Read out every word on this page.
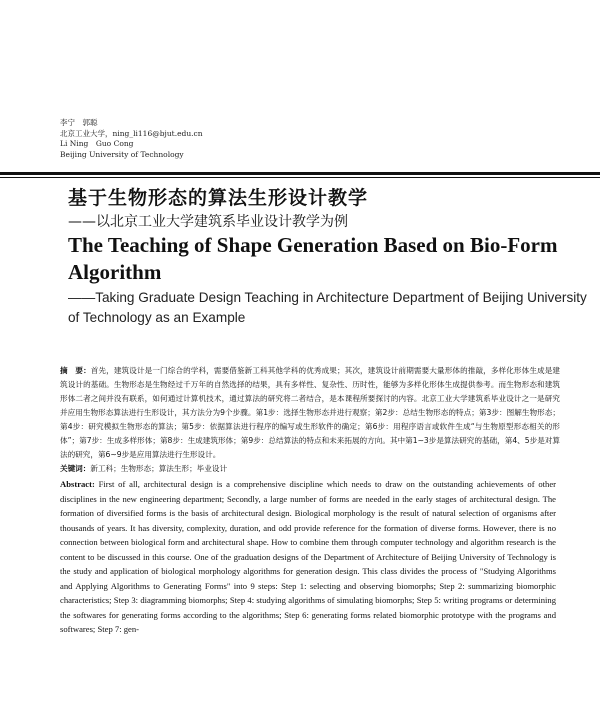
李宁　郭聪
北京工业大学，ning_li116@bjut.edu.cn
Li Ning　Guo Cong
Beijing University of Technology
基于生物形态的算法生形设计教学
——以北京工业大学建筑系毕业设计教学为例
The Teaching of Shape Generation Based on Bio-Form Algorithm
——Taking Graduate Design Teaching in Architecture Department of Beijing University of Technology as an Example
摘　要：首先，建筑设计是一门综合的学科，需要借鉴新工科其他学科的优秀成果；其次，建筑设计前期需要大量形体的推敲，多样化形体生成是建筑设计的基础。生物形态是生物经过千万年的自然选择的结果，具有多样性、复杂性、历时性，能够为多样化形体生成提供参考。而生物形态和建筑形体二者之间并没有联系，如何通过计算机技术，通过算法的研究将二者结合，是本课程所要探讨的内容。北京工业大学建筑系毕业设计之一是研究并应用生物形态算法进行生形设计，其方法分为9个步骤。第1步：选择生物形态并进行观察；第2步：总结生物形态的特点；第3步：图解生物形态；第4步：研究模拟生物形态的算法；第5步：依据算法进行程序的编写或生形软件的确定；第6步：用程序语言或软件生成“与生物原型形态相关的形体”；第7步：生成多样形体；第8步：生成建筑形体；第9步：总结算法的特点和未来拓展的方向。其中第1~3步是算法研究的基础，第4、5步是对算法的研究，第6~9步是应用算法进行生形设计。
关键词：新工科；生物形态；算法生形；毕业设计
Abstract: First of all, architectural design is a comprehensive discipline which needs to draw on the outstanding achievements of other disciplines in the new engineering department; Secondly, a large number of forms are needed in the early stages of architectural design. The formation of diversified forms is the basis of architectural design. Biological morphology is the result of natural selection of organisms after thousands of years. It has diversity, complexity, duration, and odd provide reference for the formation of diverse forms. However, there is no connection between biological form and architectural shape. How to combine them through computer technology and algorithm research is the content to be discussed in this course. One of the graduation designs of the Department of Architecture of Beijing University of Technology is the study and application of biological morphology algorithms for generation design. This class divides the process of "Studying Algorithms and Applying Algorithms to Generating Forms" into 9 steps: Step 1: selecting and observing biomorphs; Step 2: summarizing biomorphic characteristics; Step 3: diagramming biomorphs; Step 4: studying algorithms of simulating biomorphs; Step 5: writing programs or determining the softwares for generating forms according to the algorithms; Step 6: generating forms related biomorphic prototype with the programs and softwares; Step 7: gen-
